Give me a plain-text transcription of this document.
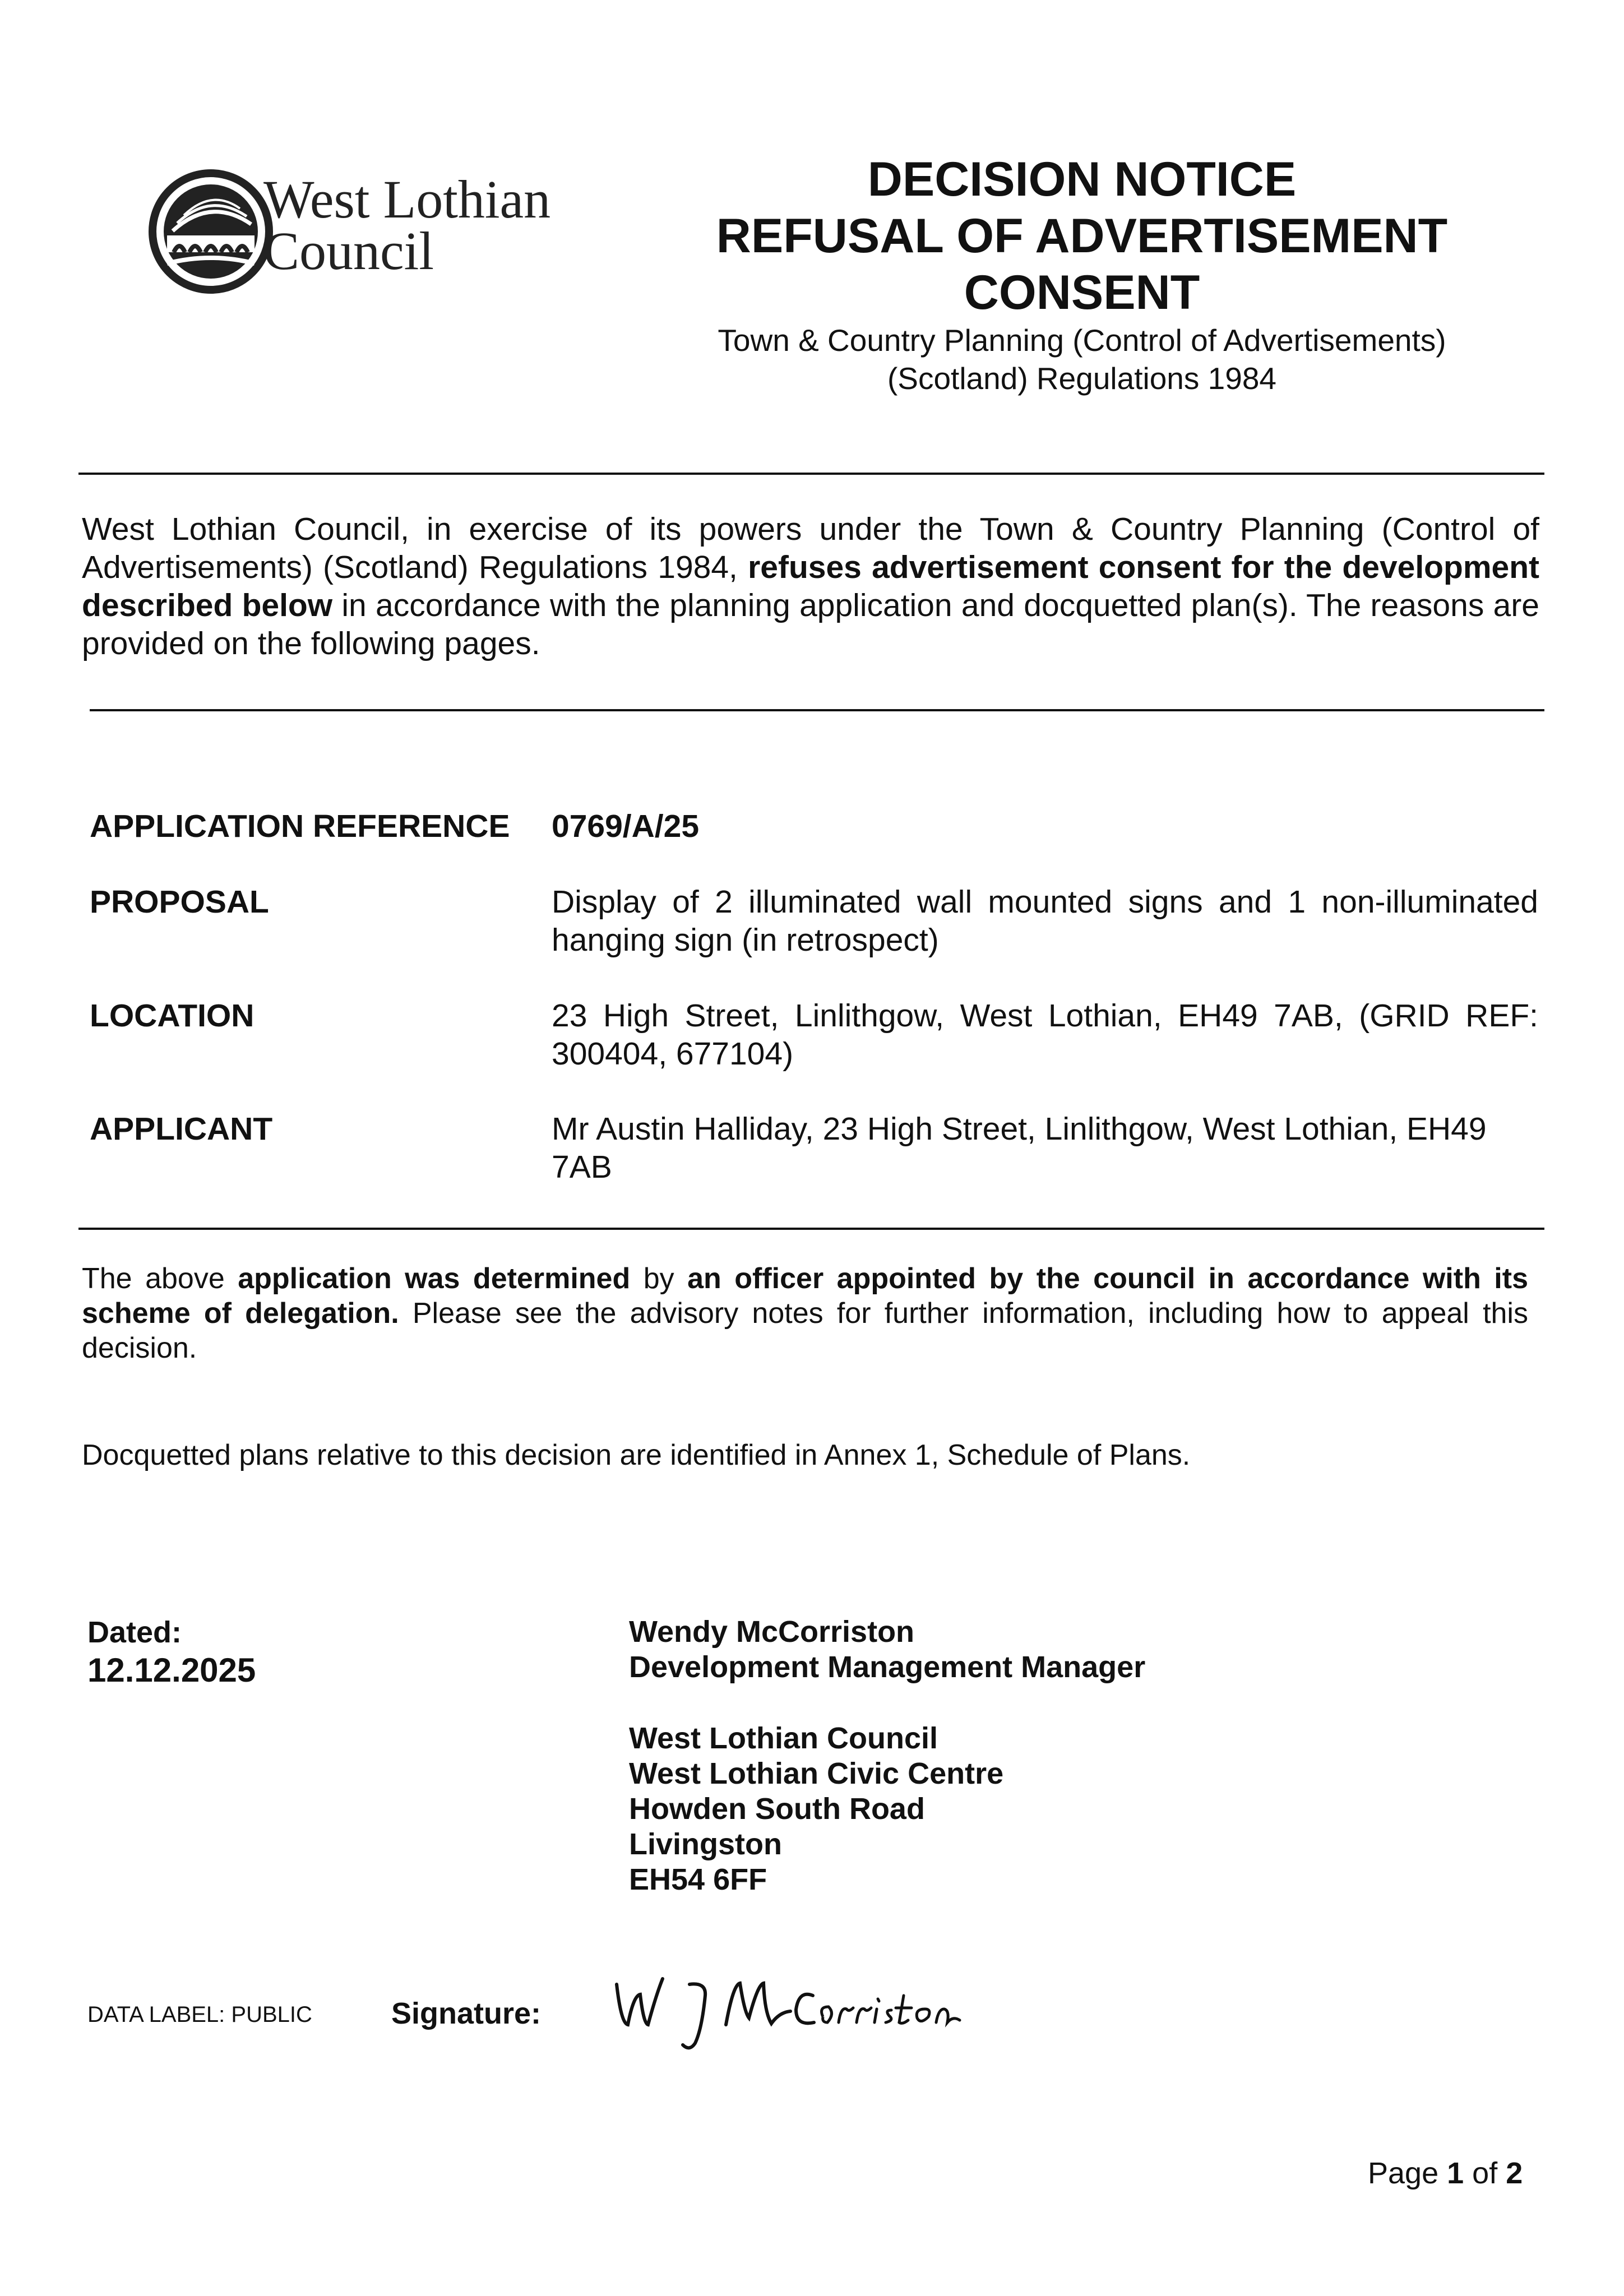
West Lothian
Council
DECISION NOTICE
REFUSAL OF ADVERTISEMENT
CONSENT
Town & Country Planning (Control of Advertisements)
(Scotland) Regulations 1984
West Lothian Council, in exercise of its powers under the Town & Country Planning (Control of Advertisements) (Scotland) Regulations 1984, refuses advertisement consent for the development described below in accordance with the planning application and docquetted plan(s). The reasons are provided on the following pages.
APPLICATION REFERENCE 0769/A/25
PROPOSAL	Display of 2 illuminated wall mounted signs and 1 non-illuminated hanging sign (in retrospect)
LOCATION	23 High Street, Linlithgow, West Lothian, EH49 7AB, (GRID REF: 300404, 677104)
APPLICANT	Mr Austin Halliday, 23 High Street, Linlithgow, West Lothian, EH49 7AB
The above application was determined by an officer appointed by the council in accordance with its scheme of delegation. Please see the advisory notes for further information, including how to appeal this decision.
Docquetted plans relative to this decision are identified in Annex 1, Schedule of Plans.
Dated:
12.12.2025
Wendy McCorriston
Development Management Manager
West Lothian Council
West Lothian Civic Centre
Howden South Road
Livingston
EH54 6FF
DATA LABEL: PUBLIC	Signature:
Page 1 of 2
